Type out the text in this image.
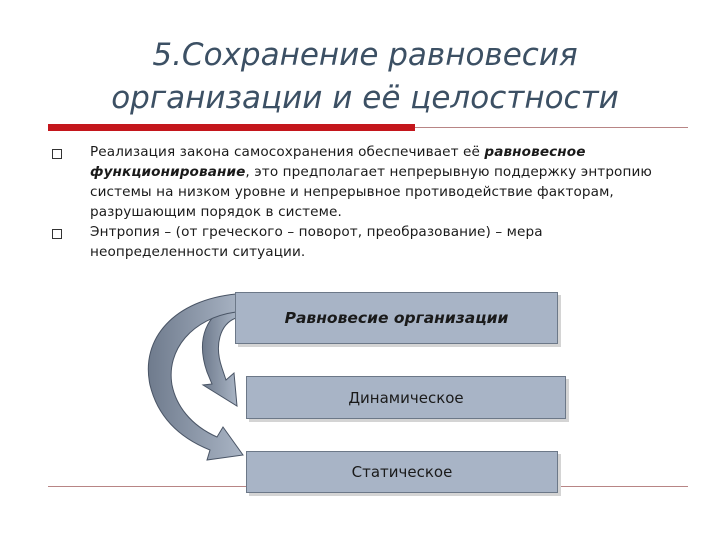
5.Сохранение равновесия
организации и её целостности
Реализация закона самосохранения обеспечивает её равновесное функционирование, это предполагает непрерывную поддержку энтропию системы на низком уровне и непрерывное противодействие факторам, разрушающим порядок в системе.
Энтропия – (от греческого – поворот, преобразование) – мера неопределенности ситуации.
Равновесие организации
Динамическое
Статическое
